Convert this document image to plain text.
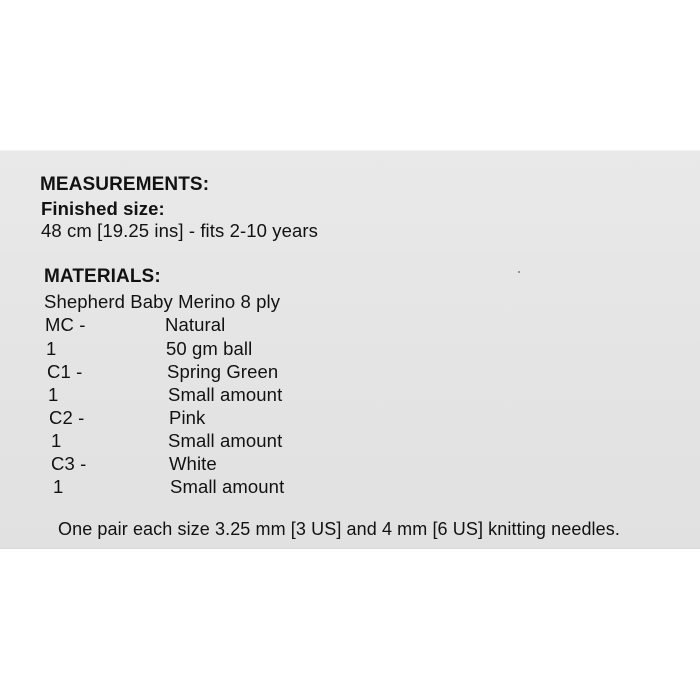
MEASUREMENTS:
Finished size:
48 cm [19.25 ins] - fits 2-10 years
MATERIALS:
Shepherd Baby Merino 8 ply
MC -	Natural
1	50 gm ball
C1 -	Spring Green
1	Small amount
C2 -	Pink
1	Small amount
C3 -	White
1	Small amount
One pair each size 3.25 mm [3 US] and 4 mm [6 US] knitting needles.
